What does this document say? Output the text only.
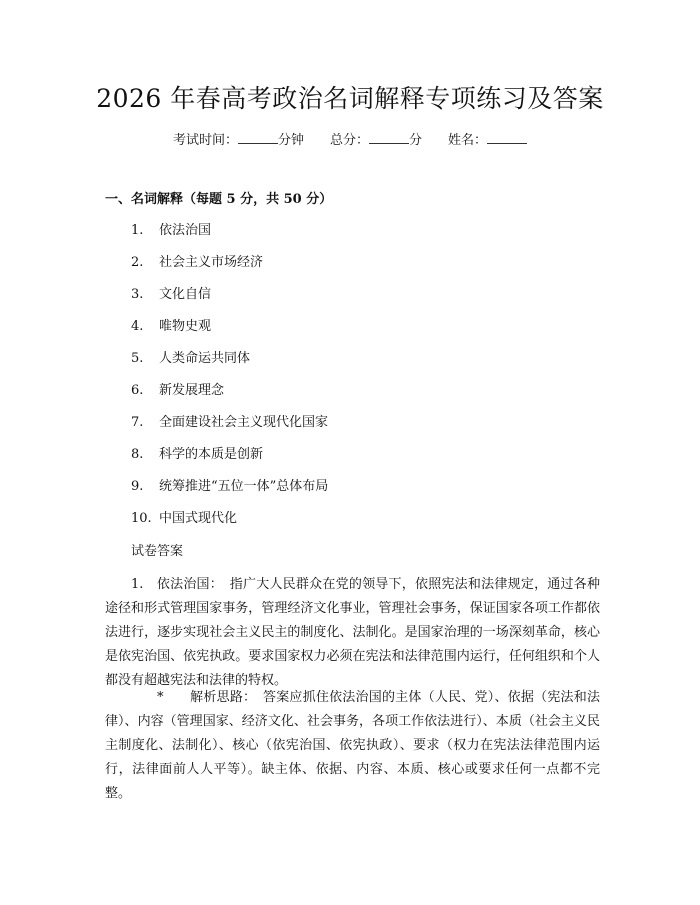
2026 年春高考政治名词解释专项练习及答案
考试时间：	分钟 总分：	分 姓名：
一、名词解释（每题 5 分，共 50 分）
1. 依法治国
2. 社会主义市场经济
3. 文化自信
4. 唯物史观
5. 人类命运共同体
6. 新发展理念
7. 全面建设社会主义现代化国家
8. 科学的本质是创新
9. 统筹推进“五位一体”总体布局
10. 中国式现代化
试卷答案
1.　依法治国：　指广大人民群众在党的领导下，依照宪法和法律规定，通过各种途径和形式管理国家事务，管理经济文化事业，管理社会事务，保证国家各项工作都依法进行，逐步实现社会主义民主的制度化、法制化。是国家治理的一场深刻革命，核心是依宪治国、依宪执政。要求国家权力必须在宪法和法律范围内运行，任何组织和个人都没有超越宪法和法律的特权。
*　　解析思路：　答案应抓住依法治国的主体（人民、党）、依据（宪法和法律）、内容（管理国家、经济文化、社会事务，各项工作依法进行）、本质（社会主义民主制度化、法制化）、核心（依宪治国、依宪执政）、要求（权力在宪法法律范围内运行，法律面前人人平等）。缺主体、依据、内容、本质、核心或要求任何一点都不完整。
